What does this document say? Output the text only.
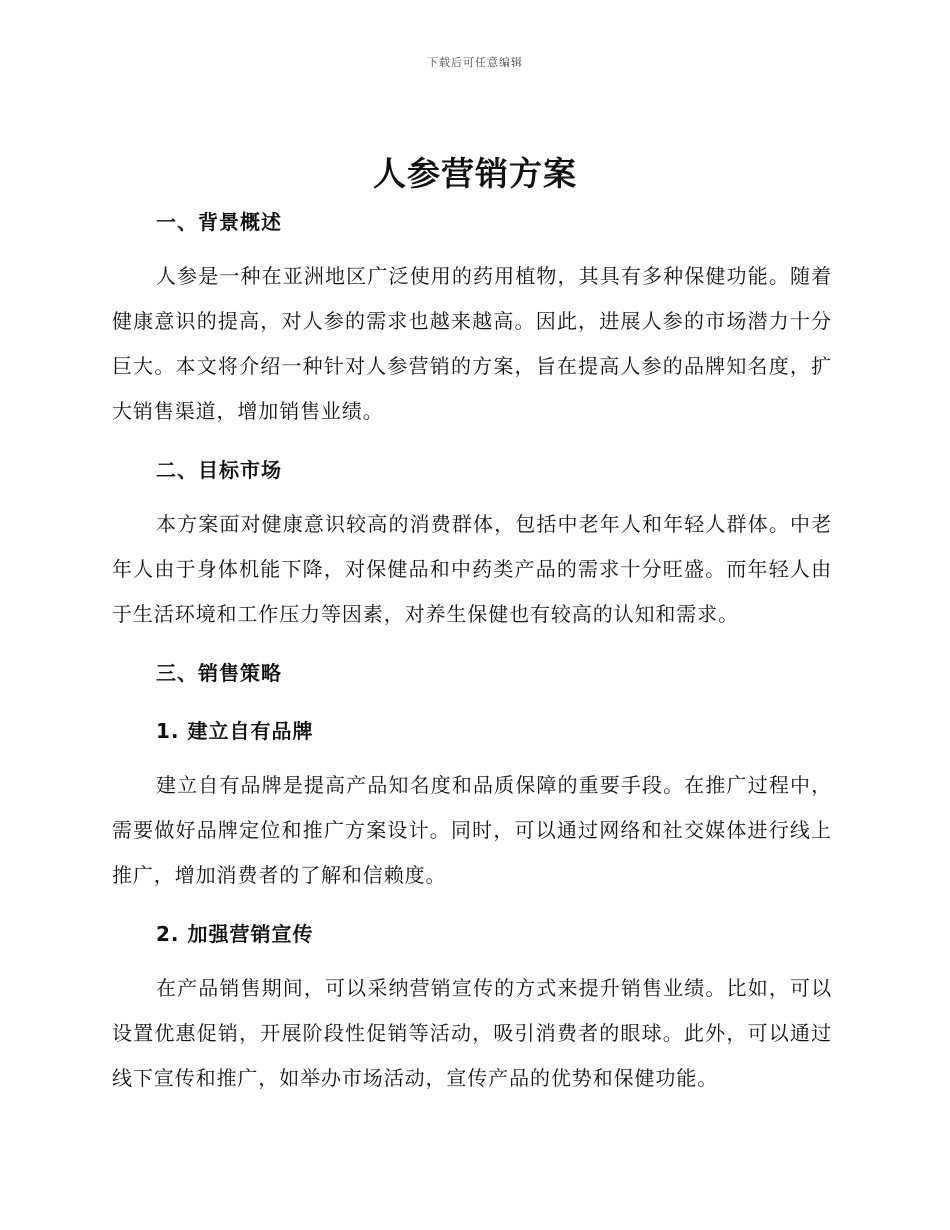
下载后可任意编辑
人参营销方案
一、背景概述

人参是一种在亚洲地区广泛使用的药用植物，其具有多种保健功能。随着健康意识的提高，对人参的需求也越来越高。因此，进展人参的市场潜力十分巨大。本文将介绍一种针对人参营销的方案，旨在提高人参的品牌知名度，扩大销售渠道，增加销售业绩。

二、目标市场

本方案面对健康意识较高的消费群体，包括中老年人和年轻人群体。中老年人由于身体机能下降，对保健品和中药类产品的需求十分旺盛。而年轻人由于生活环境和工作压力等因素，对养生保健也有较高的认知和需求。

三、销售策略
1. 建立自有品牌

建立自有品牌是提高产品知名度和品质保障的重要手段。在推广过程中，需要做好品牌定位和推广方案设计。同时，可以通过网络和社交媒体进行线上推广，增加消费者的了解和信赖度。

2. 加强营销宣传

在产品销售期间，可以采纳营销宣传的方式来提升销售业绩。比如，可以设置优惠促销，开展阶段性促销等活动，吸引消费者的眼球。此外，可以通过线下宣传和推广，如举办市场活动，宣传产品的优势和保健功能。
